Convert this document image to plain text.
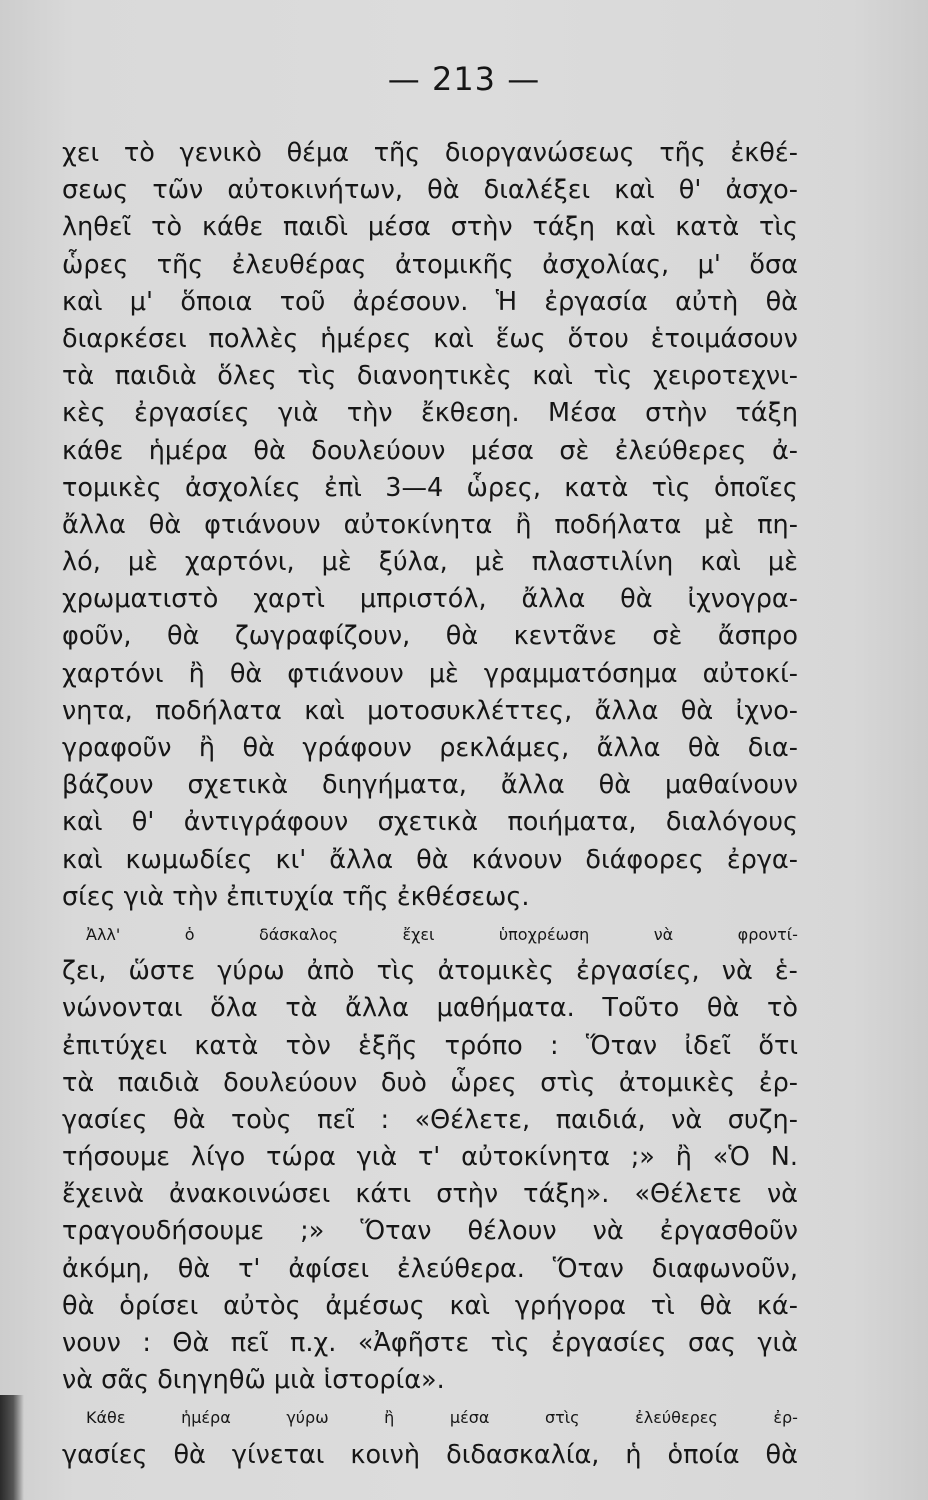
— 213 —
χει τὸ γενικὸ θέμα τῆς διοργανώσεως τῆς ἐκθέ-
σεως τῶν αὐτοκινήτων, θὰ διαλέξει καὶ θ' ἀσχο-
ληθεῖ τὸ κάθε παιδὶ μέσα στὴν τάξη καὶ κατὰ τὶς
ὧρες τῆς ἐλευθέρας ἀτομικῆς ἀσχολίας, μ' ὅσα
καὶ μ' ὅποια τοῦ ἀρέσουν. Ἡ ἐργασία αὐτὴ θὰ
διαρκέσει πολλὲς ἡμέρες καὶ ἕως ὅτου ἑτοιμάσουν
τὰ παιδιὰ ὅλες τὶς διανοητικὲς καὶ τὶς χειροτεχνι-
κὲς ἐργασίες γιὰ τὴν ἔκθεση. Μέσα στὴν τάξη
κάθε ἡμέρα θὰ δουλεύουν μέσα σὲ ἐλεύθερες ἀ-
τομικὲς ἀσχολίες ἐπὶ 3—4 ὧρες, κατὰ τὶς ὁποῖες
ἄλλα θὰ φτιάνουν αὐτοκίνητα ἢ ποδήλατα μὲ πη-
λό, μὲ χαρτόνι, μὲ ξύλα, μὲ πλαστιλίνη καὶ μὲ
χρωματιστὸ χαρτὶ μπριστόλ, ἄλλα θὰ ἰχνογρα-
φοῦν, θὰ ζωγραφίζουν, θὰ κεντᾶνε σὲ ἄσπρο
χαρτόνι ἢ θὰ φτιάνουν μὲ γραμματόσημα αὐτοκί-
νητα, ποδήλατα καὶ μοτοσυκλέττες, ἄλλα θὰ ἰχνο-
γραφοῦν ἢ θὰ γράφουν ρεκλάμες, ἄλλα θὰ δια-
βάζουν σχετικὰ διηγήματα, ἄλλα θὰ μαθαίνουν
καὶ θ' ἀντιγράφουν σχετικὰ ποιήματα, διαλόγους
καὶ κωμωδίες κι' ἄλλα θὰ κάνουν διάφορες ἐργα-
σίες γιὰ τὴν ἐπιτυχία τῆς ἐκθέσεως.
Ἀλλ'	ὁ	δάσκαλος	ἔχει	ὑποχρέωση	νὰ	φροντί-
ζει, ὥστε γύρω ἀπὸ τὶς ἀτομικὲς ἐργασίες, νὰ ἑ-
νώνονται ὅλα τὰ ἄλλα μαθήματα. Τοῦτο θὰ τὸ
ἐπιτύχει κατὰ τὸν ἑξῆς τρόπο : Ὅταν ἰδεῖ ὅτι
τὰ παιδιὰ δουλεύουν δυὸ ὧρες στὶς ἀτομικὲς ἐρ-
γασίες θὰ τοὺς πεῖ : «Θέλετε, παιδιά, νὰ συζη-
τήσουμε λίγο τώρα γιὰ τ' αὐτοκίνητα ;» ἢ «Ὁ Ν.
ἔχεινὰ ἀνακοινώσει κάτι στὴν τάξη». «Θέλετε νὰ
τραγουδήσουμε ;» Ὅταν θέλουν νὰ ἐργασθοῦν
ἀκόμη, θὰ τ' ἀφίσει ἐλεύθερα. Ὅταν διαφωνοῦν,
θὰ ὁρίσει αὐτὸς ἀμέσως καὶ γρήγορα τὶ θὰ κά-
νουν : Θὰ πεῖ π.χ. «Ἀφῆστε τὶς ἐργασίες σας γιὰ
νὰ σᾶς διηγηθῶ μιὰ ἱστορία».
Κάθε	ἡμέρα	γύρω	ἢ	μέσα	στὶς	ἐλεύθερες	ἐρ-
γασίες θὰ γίνεται κοινὴ διδασκαλία, ἡ ὁποία θὰ
